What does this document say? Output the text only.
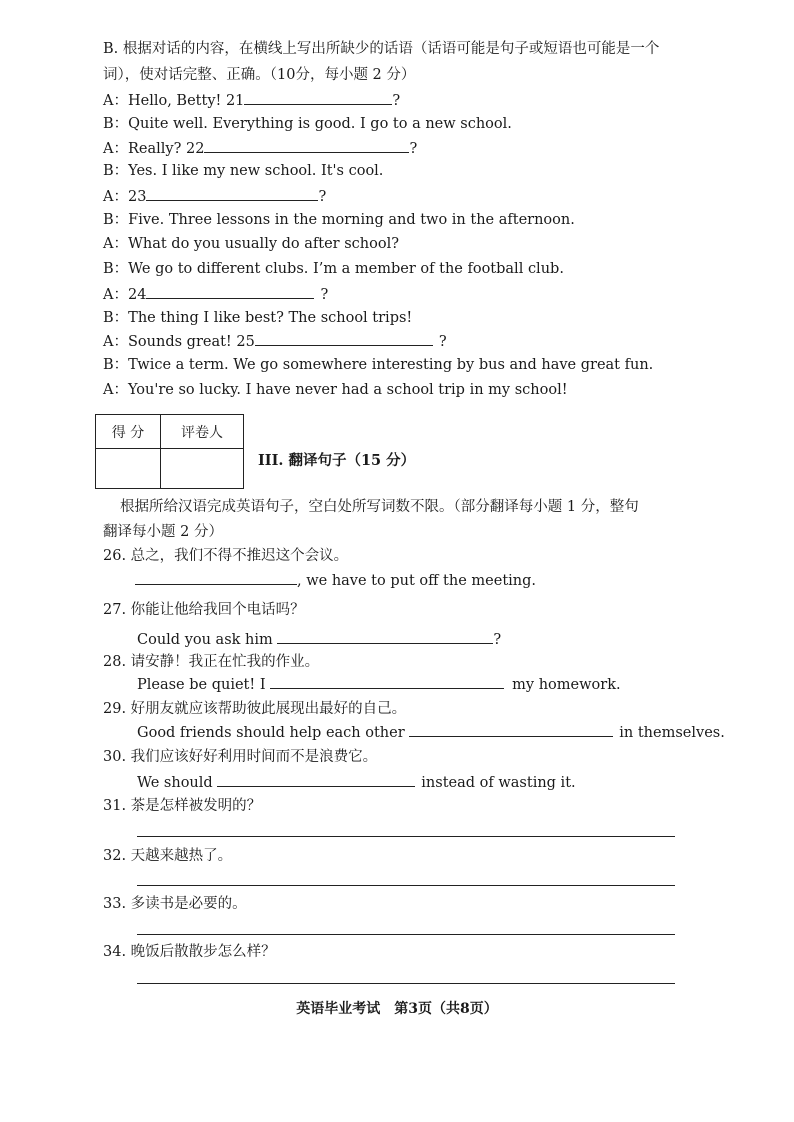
B. 根据对话的内容，在横线上写出所缺少的话语（话语可能是句子或短语也可能是一个
词），使对话完整、正确。（10分，每小题 2 分）
A：Hello, Betty! 21	?
B：Quite well. Everything is good. I go to a new school.
A：Really? 22	?
B：Yes. I like my new school. It's cool.
A：23	?
B：Five. Three lessons in the morning and two in the afternoon.
A：What do you usually do after school?
B：We go to different clubs. I’m a member of the football club.
A：24	?
B：The thing I like best? The school trips!
A：Sounds great! 25	?
B：Twice a term. We go somewhere interesting by bus and have great fun.
A：You're so lucky. I have never had a school trip in my school!
得 分	评卷人

III. 翻译句子（15 分）
根据所给汉语完成英语句子，空白处所写词数不限。（部分翻译每小题 1 分，整句
翻译每小题 2 分）
26. 总之，我们不得不推迟这个会议。
, we have to put off the meeting.
27. 你能让他给我回个电话吗？
Could you ask him	?
28. 请安静！我正在忙我的作业。
Please be quiet! I	my homework.
29. 好朋友就应该帮助彼此展现出最好的自己。
Good friends should help each other	in themselves.
30. 我们应该好好利用时间而不是浪费它。
We should	instead of wasting it.
31. 茶是怎样被发明的？
32. 天越来越热了。
33. 多读书是必要的。
34. 晚饭后散散步怎么样？
英语毕业考试　第3页（共8页）
